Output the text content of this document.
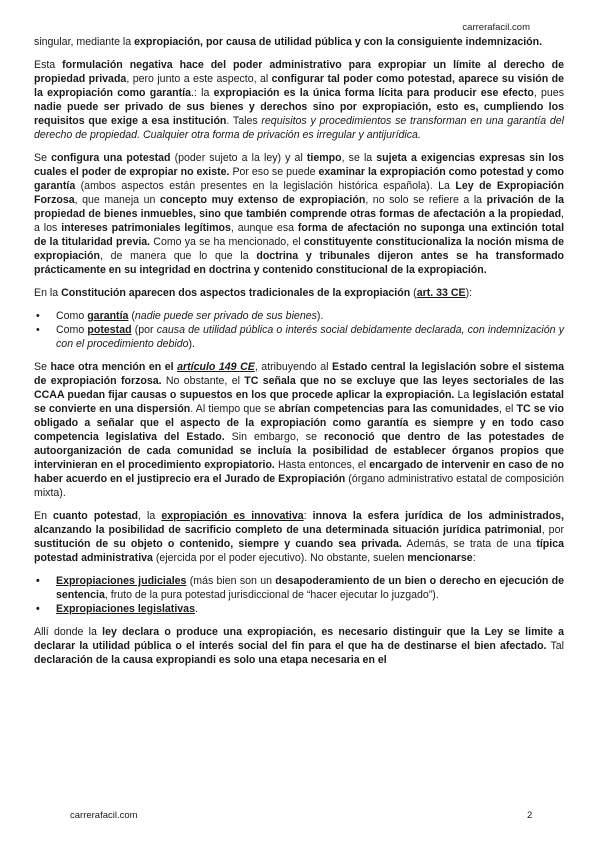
carrerafacil.com

singular, mediante la expropiación, por causa de utilidad pública y con la consiguiente indemnización.

Esta formulación negativa hace del poder administrativo para expropiar un límite al derecho de propiedad privada, pero junto a este aspecto, al configurar tal poder como potestad, aparece su visión de la expropiación como garantía.: la expropiación es la única forma lícita para producir ese efecto, pues nadie puede ser privado de sus bienes y derechos sino por expropiación, esto es, cumpliendo los requisitos que exige a esa institución. Tales requisitos y procedimientos se transforman en una garantía del derecho de propiedad. Cualquier otra forma de privación es irregular y antijurídica.

Se configura una potestad (poder sujeto a la ley) y al tiempo, se la sujeta a exigencias expresas sin los cuales el poder de expropiar no existe. Por eso se puede examinar la expropiación como potestad y como garantía (ambos aspectos están presentes en la legislación histórica española). La Ley de Expropiación Forzosa, que maneja un concepto muy extenso de expropiación, no solo se refiere a la privación de la propiedad de bienes inmuebles, sino que también comprende otras formas de afectación a la propiedad, a los intereses patrimoniales legítimos, aunque esa forma de afectación no suponga una extinción total de la titularidad previa. Como ya se ha mencionado, el constituyente constitucionaliza la noción misma de expropiación, de manera que lo que la doctrina y tribunales dijeron antes se ha transformado prácticamente en su integridad en doctrina y contenido constitucional de la expropiación.

En la Constitución aparecen dos aspectos tradicionales de la expropiación (art. 33 CE):

• Como garantía (nadie puede ser privado de sus bienes).
• Como potestad (por causa de utilidad pública o interés social debidamente declarada, con indemnización y con el procedimiento debido).

Se hace otra mención en el artículo 149 CE, atribuyendo al Estado central la legislación sobre el sistema de expropiación forzosa. No obstante, el TC señala que no se excluye que las leyes sectoriales de las CCAA puedan fijar causas o supuestos en los que procede aplicar la expropiación. La legislación estatal se convierte en una dispersión. Al tiempo que se abrían competencias para las comunidades, el TC se vio obligado a señalar que el aspecto de la expropiación como garantía es siempre y en todo caso competencia legislativa del Estado. Sin embargo, se reconoció que dentro de las potestades de autoorganización de cada comunidad se incluía la posibilidad de establecer órganos propios que intervinieran en el procedimiento expropiatorio. Hasta entonces, el encargado de intervenir en caso de no haber acuerdo en el justiprecio era el Jurado de Expropiación (órgano administrativo estatal de composición mixta).

En cuanto potestad, la expropiación es innovativa: innova la esfera jurídica de los administrados, alcanzando la posibilidad de sacrificio completo de una determinada situación jurídica patrimonial, por sustitución de su objeto o contenido, siempre y cuando sea privada. Además, se trata de una típica potestad administrativa (ejercida por el poder ejecutivo). No obstante, suelen mencionarse:

• Expropiaciones judiciales (más bien son un desapoderamiento de un bien o derecho en ejecución de sentencia, fruto de la pura potestad jurisdiccional de “hacer ejecutar lo juzgado”).
• Expropiaciones legislativas.

Allí donde la ley declara o produce una expropiación, es necesario distinguir que la Ley se limite a declarar la utilidad pública o el interés social del fin para el que ha de destinarse el bien afectado. Tal declaración de la causa expropiandi es solo una etapa necesaria en el

carrerafacil.com	2
